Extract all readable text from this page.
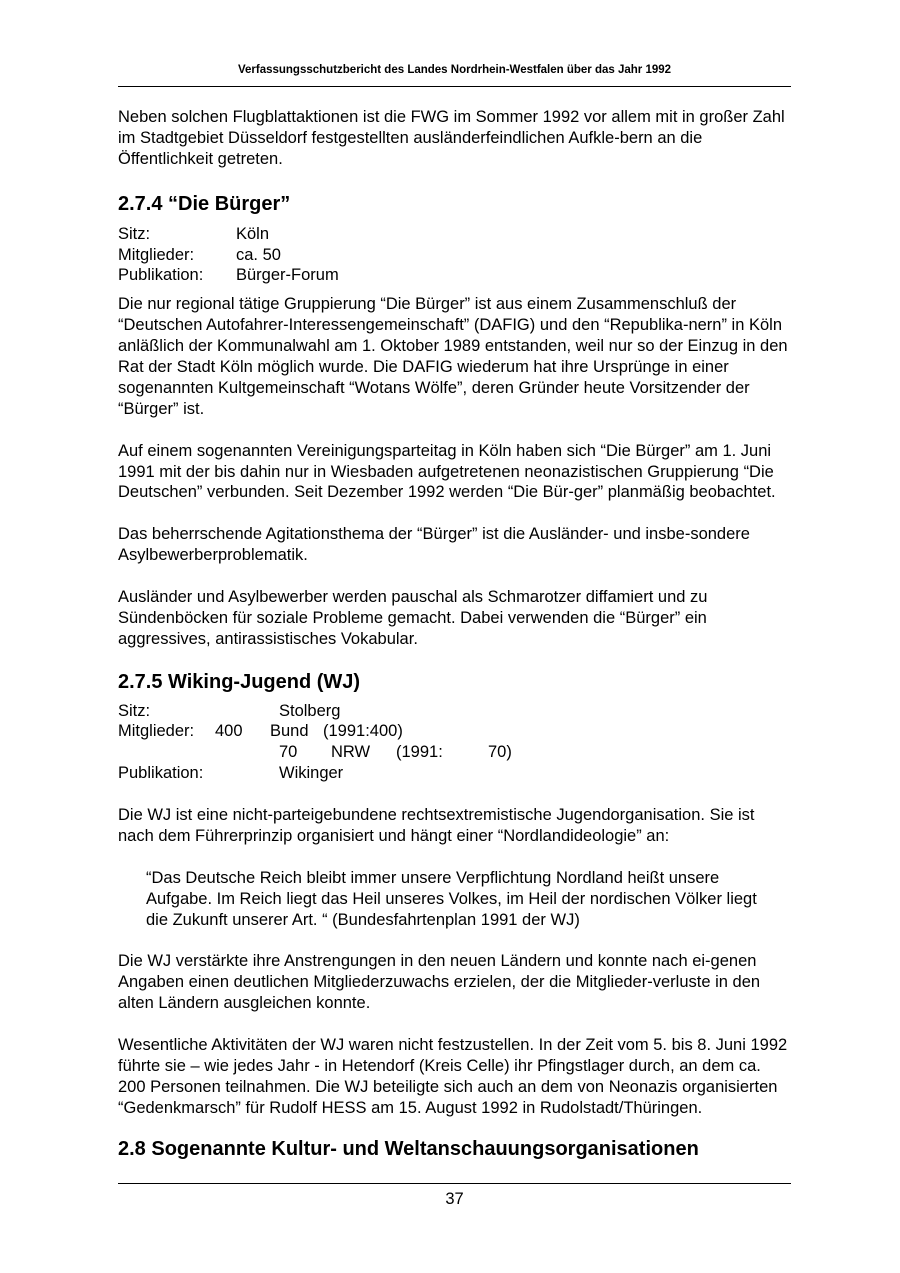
Verfassungsschutzbericht des Landes Nordrhein-Westfalen über das Jahr 1992

Neben solchen Flugblattaktionen ist die FWG im Sommer 1992 vor allem mit in großer Zahl im Stadtgebiet Düsseldorf festgestellten ausländerfeindlichen Aufkle-bern an die Öffentlichkeit getreten.

2.7.4 “Die Bürger”
Sitz:	Köln
Mitglieder:	ca. 50
Publikation:	Bürger-Forum

Die nur regional tätige Gruppierung “Die Bürger” ist aus einem Zusammenschluß der “Deutschen Autofahrer-Interessengemeinschaft” (DAFIG) und den “Republika-nern” in Köln anläßlich der Kommunalwahl am 1. Oktober 1989 entstanden, weil nur so der Einzug in den Rat der Stadt Köln möglich wurde. Die DAFIG wiederum hat ihre Ursprünge in einer sogenannten Kultgemeinschaft “Wotans Wölfe”, deren Gründer heute Vorsitzender der “Bürger” ist.

Auf einem sogenannten Vereinigungsparteitag in Köln haben sich “Die Bürger” am 1. Juni 1991 mit der bis dahin nur in Wiesbaden aufgetretenen neonazistischen Gruppierung “Die Deutschen” verbunden. Seit Dezember 1992 werden “Die Bür-ger” planmäßig beobachtet.

Das beherrschende Agitationsthema der “Bürger” ist die Ausländer- und insbe-sondere Asylbewerberproblematik.

Ausländer und Asylbewerber werden pauschal als Schmarotzer diffamiert und zu Sündenböcken für soziale Probleme gemacht. Dabei verwenden die “Bürger” ein aggressives, antirassistisches Vokabular.

2.7.5 Wiking-Jugend (WJ)
Sitz:	Stolberg
Mitglieder: 400 Bund (1991:400)
70 NRW (1991:	70)
Publikation:	Wikinger

Die WJ ist eine nicht-parteigebundene rechtsextremistische Jugendorganisation. Sie ist nach dem Führerprinzip organisiert und hängt einer “Nordlandideologie” an:

“Das Deutsche Reich bleibt immer unsere Verpflichtung Nordland heißt unsere Aufgabe. Im Reich liegt das Heil unseres Volkes, im Heil der nordischen Völker liegt die Zukunft unserer Art. “ (Bundesfahrtenplan 1991 der WJ)

Die WJ verstärkte ihre Anstrengungen in den neuen Ländern und konnte nach ei-genen Angaben einen deutlichen Mitgliederzuwachs erzielen, der die Mitglieder-verluste in den alten Ländern ausgleichen konnte.

Wesentliche Aktivitäten der WJ waren nicht festzustellen. In der Zeit vom 5. bis 8. Juni 1992 führte sie – wie jedes Jahr - in Hetendorf (Kreis Celle) ihr Pfingstlager durch, an dem ca. 200 Personen teilnahmen. Die WJ beteiligte sich auch an dem von Neonazis organisierten “Gedenkmarsch” für Rudolf HESS am 15. August 1992 in Rudolstadt/Thüringen.

2.8 Sogenannte Kultur- und Weltanschauungsorganisationen
37
